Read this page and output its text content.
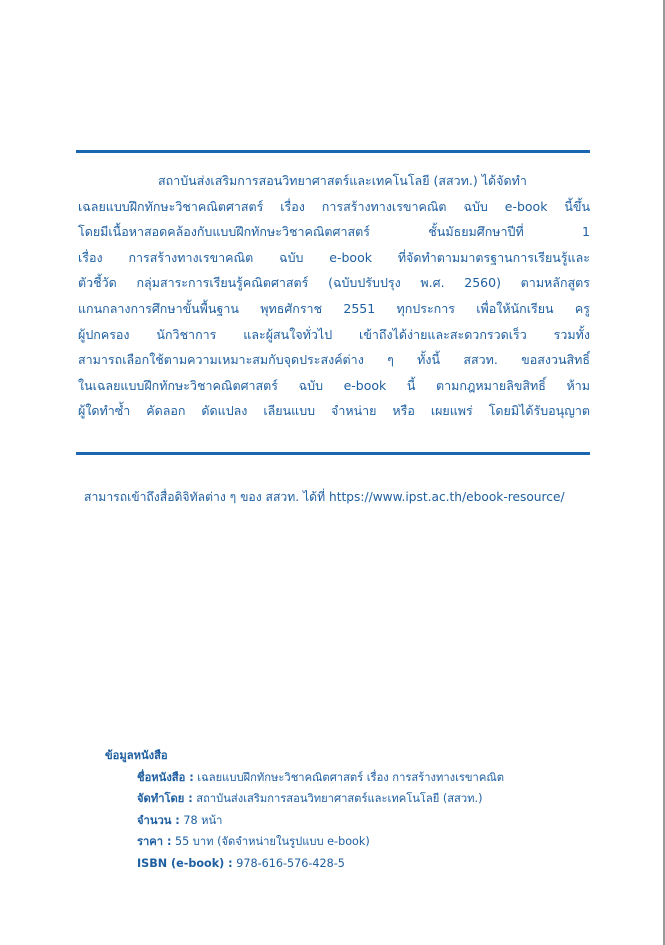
สถาบันส่งเสริมการสอนวิทยาศาสตร์และเทคโนโลยี (สสวท.) ได้จัดทำ
เฉลยแบบฝึกทักษะวิชาคณิตศาสตร์ เรื่อง การสร้างทางเรขาคณิต ฉบับ e-book นี้ขึ้น
โดยมีเนื้อหาสอดคล้องกับแบบฝึกทักษะวิชาคณิตศาสตร์ ชั้นมัธยมศึกษาปีที่ 1
เรื่อง การสร้างทางเรขาคณิต ฉบับ e-book ที่จัดทำตามมาตรฐานการเรียนรู้และ
ตัวชี้วัด กลุ่มสาระการเรียนรู้คณิตศาสตร์ (ฉบับปรับปรุง พ.ศ. 2560) ตามหลักสูตร
แกนกลางการศึกษาขั้นพื้นฐาน พุทธศักราช 2551 ทุกประการ เพื่อให้นักเรียน ครู
ผู้ปกครอง นักวิชาการ และผู้สนใจทั่วไป เข้าถึงได้ง่ายและสะดวกรวดเร็ว รวมทั้ง
สามารถเลือกใช้ตามความเหมาะสมกับจุดประสงค์ต่าง ๆ ทั้งนี้ สสวท. ขอสงวนสิทธิ์
ในเฉลยแบบฝึกทักษะวิชาคณิตศาสตร์ ฉบับ e-book นี้ ตามกฎหมายลิขสิทธิ์ ห้าม
ผู้ใดทำซ้ำ คัดลอก ดัดแปลง เลียนแบบ จำหน่าย หรือ เผยแพร่ โดยมิได้รับอนุญาต
สามารถเข้าถึงสื่อดิจิทัลต่าง ๆ ของ สสวท. ได้ที่ https://www.ipst.ac.th/ebook-resource/
ข้อมูลหนังสือ
ชื่อหนังสือ : เฉลยแบบฝึกทักษะวิชาคณิตศาสตร์ เรื่อง การสร้างทางเรขาคณิต
จัดทำโดย : สถาบันส่งเสริมการสอนวิทยาศาสตร์และเทคโนโลยี (สสวท.)
จำนวน : 78 หน้า
ราคา : 55 บาท (จัดจำหน่ายในรูปแบบ e-book)
ISBN (e-book) : 978-616-576-428-5
